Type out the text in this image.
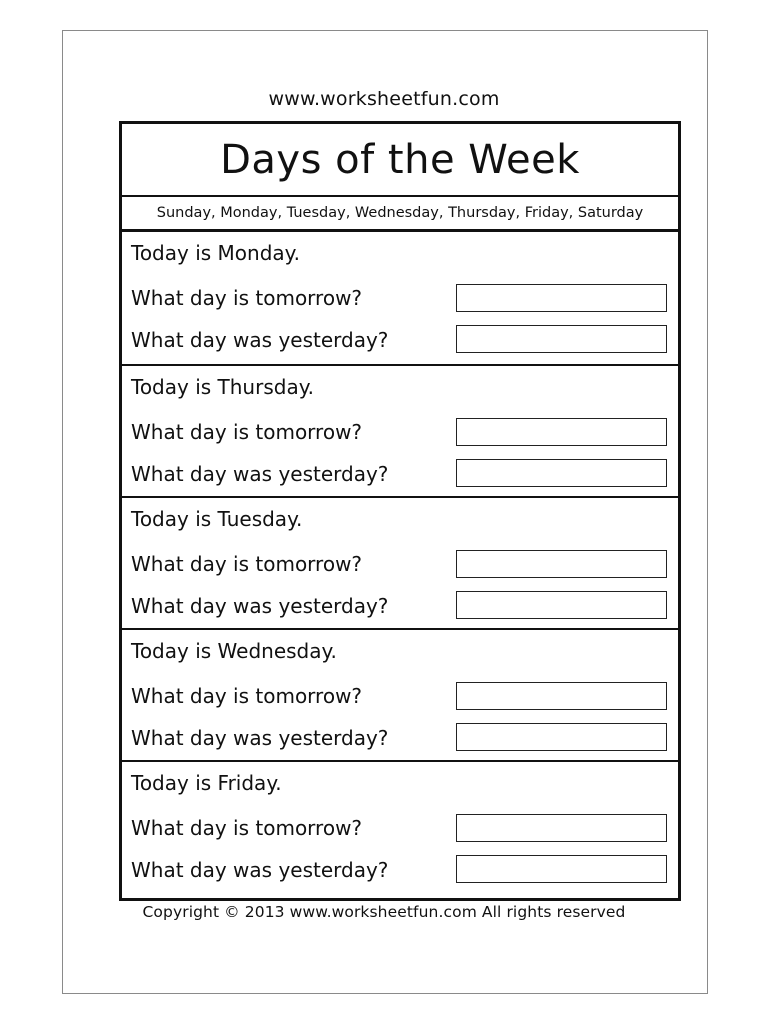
www.worksheetfun.com
Days of the Week
Sunday, Monday, Tuesday, Wednesday, Thursday, Friday, Saturday
Today is Monday.
What day is tomorrow?
What day was yesterday?
Today is Thursday.
What day is tomorrow?
What day was yesterday?
Today is Tuesday.
What day is tomorrow?
What day was yesterday?
Today is Wednesday.
What day is tomorrow?
What day was yesterday?
Today is Friday.
What day is tomorrow?
What day was yesterday?
Copyright © 2013 www.worksheetfun.com All rights reserved
